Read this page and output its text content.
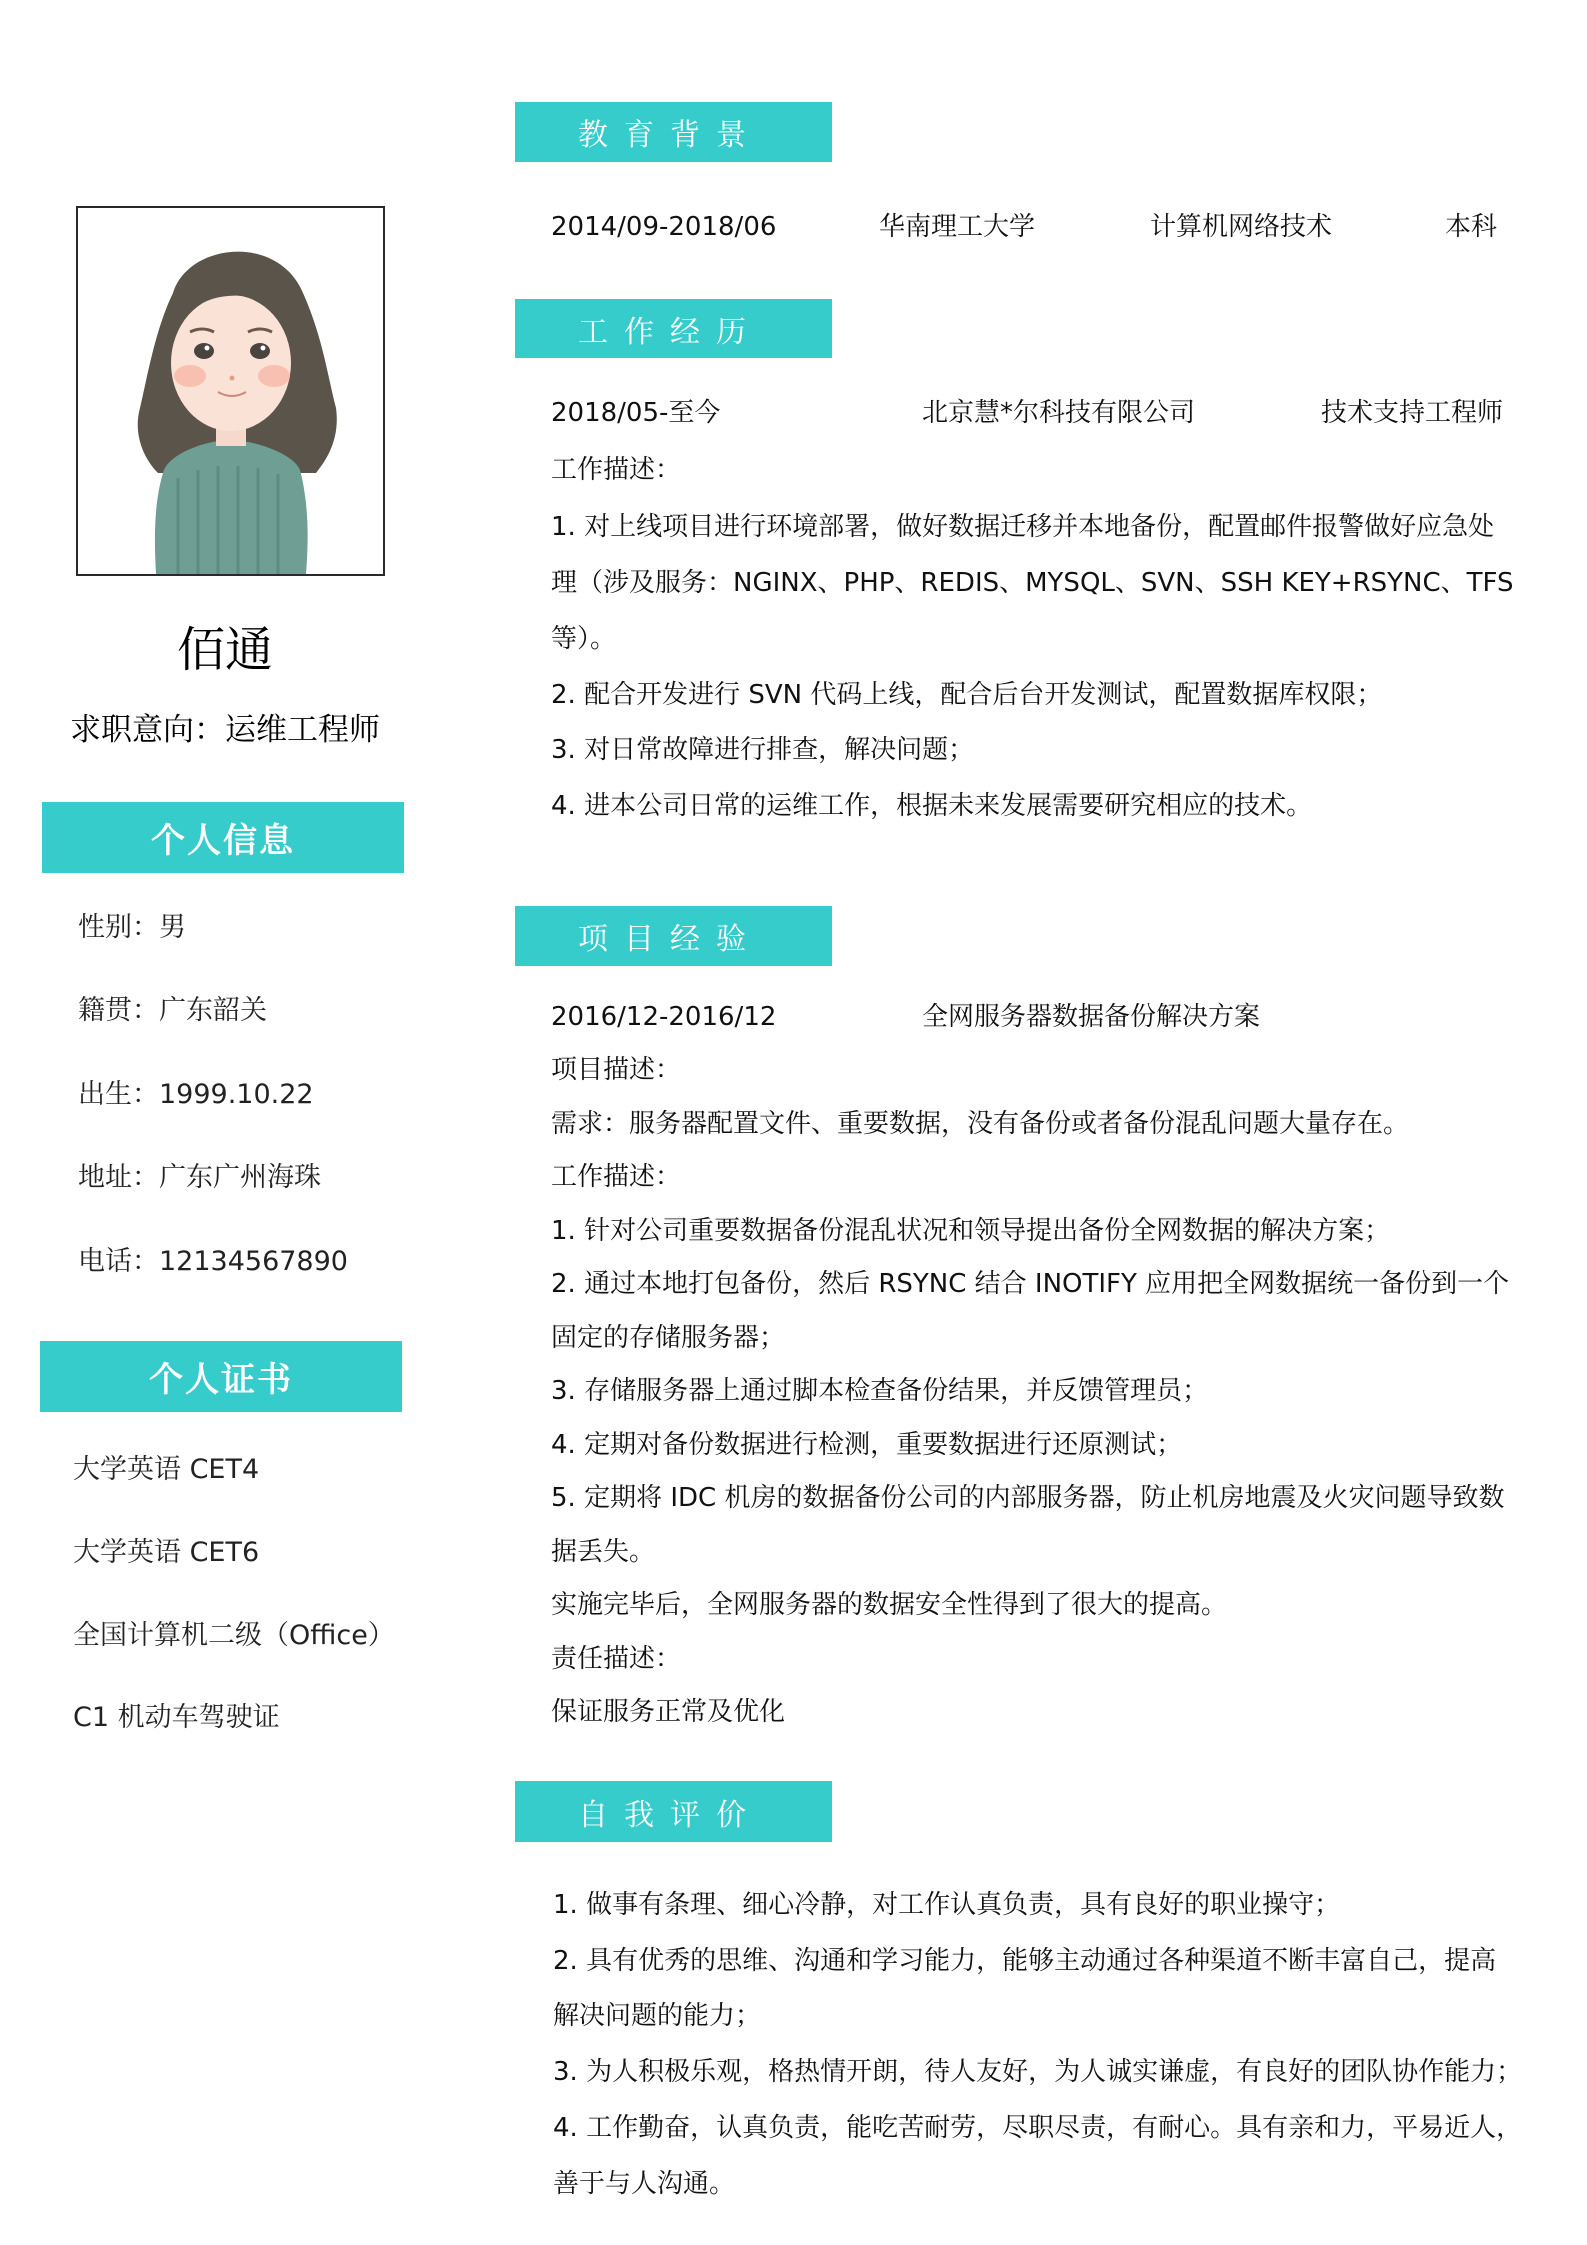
佰通
求职意向：运维工程师
个人信息
性别：男
籍贯：广东韶关
出生：1999.10.22
地址：广东广州海珠
电话：12134567890
个人证书
大学英语 CET4
大学英语 CET6
全国计算机二级（Office）
C1 机动车驾驶证
教育背景
2014/09-2018/06	华南理工大学	计算机网络技术	本科
工作经历
2018/05-至今	北京慧*尔科技有限公司	技术支持工程师
工作描述：
1. 对上线项目进行环境部署，做好数据迁移并本地备份，配置邮件报警做好应急处
理（涉及服务：NGINX、PHP、REDIS、MYSQL、SVN、SSH KEY+RSYNC、TFS
等）。
2. 配合开发进行 SVN 代码上线，配合后台开发测试，配置数据库权限；
3. 对日常故障进行排查，解决问题；
4. 进本公司日常的运维工作，根据未来发展需要研究相应的技术。
项目经验
2016/12-2016/12	全网服务器数据备份解决方案
项目描述：
需求：服务器配置文件、重要数据，没有备份或者备份混乱问题大量存在。
工作描述：
1. 针对公司重要数据备份混乱状况和领导提出备份全网数据的解决方案；
2. 通过本地打包备份，然后 RSYNC 结合 INOTIFY 应用把全网数据统一备份到一个
固定的存储服务器；
3. 存储服务器上通过脚本检查备份结果，并反馈管理员；
4. 定期对备份数据进行检测，重要数据进行还原测试；
5. 定期将 IDC 机房的数据备份公司的内部服务器，防止机房地震及火灾问题导致数
据丢失。
实施完毕后，全网服务器的数据安全性得到了很大的提高。
责任描述：
保证服务正常及优化
自我评价
1. 做事有条理、细心冷静，对工作认真负责，具有良好的职业操守；
2. 具有优秀的思维、沟通和学习能力，能够主动通过各种渠道不断丰富自己，提高
解决问题的能力；
3. 为人积极乐观，格热情开朗，待人友好，为人诚实谦虚，有良好的团队协作能力；
4. 工作勤奋，认真负责，能吃苦耐劳，尽职尽责，有耐心。具有亲和力，平易近人，
善于与人沟通。
